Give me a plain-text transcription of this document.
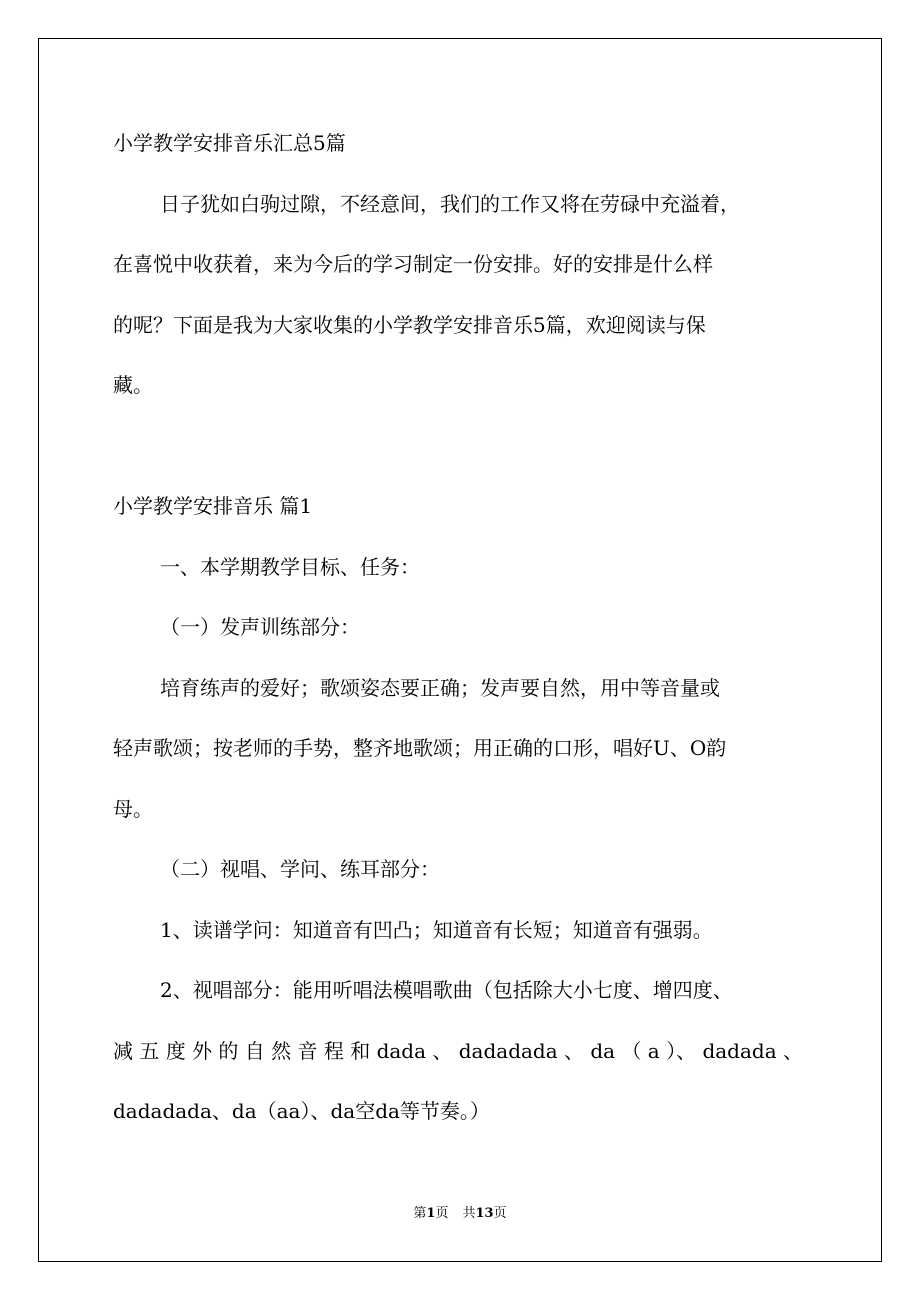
小学教学安排音乐汇总5篇
日子犹如白驹过隙，不经意间，我们的工作又将在劳碌中充溢着，
在喜悦中收获着，来为今后的学习制定一份安排。好的安排是什么样
的呢？下面是我为大家收集的小学教学安排音乐5篇，欢迎阅读与保
藏。
小学教学安排音乐 篇1
一、本学期教学目标、任务：
（一）发声训练部分：
培育练声的爱好；歌颂姿态要正确；发声要自然，用中等音量或
轻声歌颂；按老师的手势，整齐地歌颂；用正确的口形，唱好U、O韵
母。
（二）视唱、学问、练耳部分：
1、读谱学问：知道音有凹凸；知道音有长短；知道音有强弱。
2、视唱部分：能用听唱法模唱歌曲（包括除大小七度、增四度、
减 五 度 外 的 自 然 音 程 和 dada 、 dadadada 、 da （ a ）、 dadada 、
dadadada、da（aa）、da空da等节奏。）
第1页 共13页
